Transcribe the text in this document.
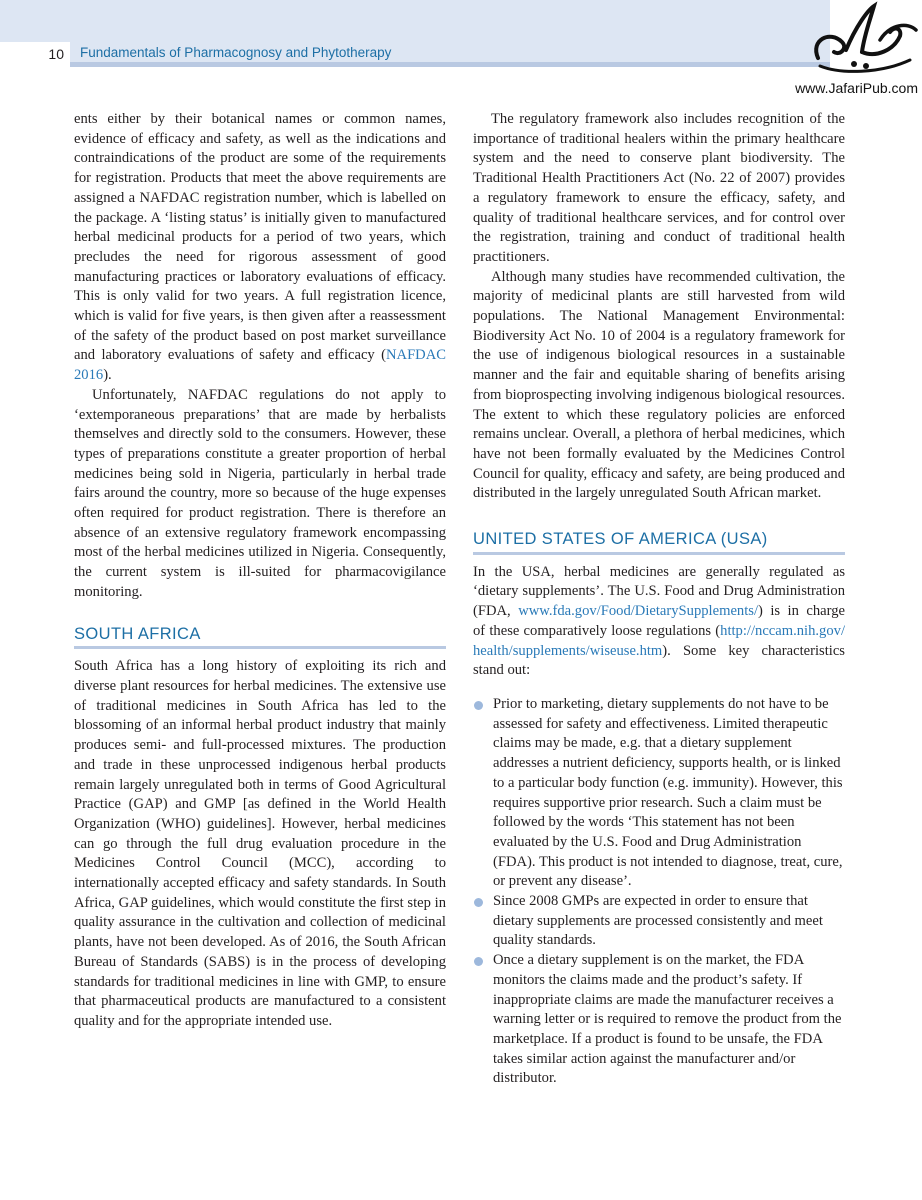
10	Fundamentals of Pharmacognosy and Phytotherapy
www.JafariPub.com

ents either by their botanical names or common names, evidence of efficacy and safety, as well as the indications and contraindications of the product are some of the requirements for registration. Products that meet the above requirements are assigned a NAFDAC registration number, which is labelled on the package. A ‘listing status’ is initially given to manufactured herbal medicinal products for a period of two years, which precludes the need for rigorous assessment of good manufacturing practices or laboratory evaluations of efficacy. This is only valid for two years. A full registration licence, which is valid for five years, is then given after a reassessment of the safety of the product based on post market surveillance and laboratory evaluations of safety and efficacy (NAFDAC 2016).

Unfortunately, NAFDAC regulations do not apply to ‘extemporaneous preparations’ that are made by herbalists themselves and directly sold to the consumers. However, these types of preparations constitute a greater proportion of herbal medicines being sold in Nigeria, particularly in herbal trade fairs around the country, more so because of the huge expenses often required for product registration. There is therefore an absence of an extensive regulatory framework encompassing most of the herbal medicines utilized in Nigeria. Consequently, the current system is ill-suited for pharmacovigilance monitoring.

SOUTH AFRICA

South Africa has a long history of exploiting its rich and diverse plant resources for herbal medicines. The extensive use of traditional medicines in South Africa has led to the blossoming of an informal herbal product industry that mainly produces semi- and full-processed mixtures. The production and trade in these unprocessed indigenous herbal products remain largely unregulated both in terms of Good Agricultural Practice (GAP) and GMP [as defined in the World Health Organization (WHO) guidelines]. However, herbal medicines can go through the full drug evaluation procedure in the Medicines Control Council (MCC), according to internationally accepted efficacy and safety standards. In South Africa, GAP guidelines, which would constitute the first step in quality assurance in the cultivation and collection of medicinal plants, have not been developed. As of 2016, the South African Bureau of Standards (SABS) is in the process of developing standards for traditional medicines in line with GMP, to ensure that pharmaceutical products are manufactured to a consistent quality and for the appropriate intended use.

The regulatory framework also includes recognition of the importance of traditional healers within the primary healthcare system and the need to conserve plant biodiversity. The Traditional Health Practitioners Act (No. 22 of 2007) provides a regulatory framework to ensure the efficacy, safety, and quality of traditional healthcare services, and for control over the registration, training and conduct of traditional health practitioners.

Although many studies have recommended cultivation, the majority of medicinal plants are still harvested from wild populations. The National Management Environmental: Biodiversity Act No. 10 of 2004 is a regulatory framework for the use of indigenous biological resources in a sustainable manner and the fair and equitable sharing of benefits arising from bioprospecting involving indigenous biological resources. The extent to which these regulatory policies are enforced remains unclear. Overall, a plethora of herbal medicines, which have not been formally evaluated by the Medicines Control Council for quality, efficacy and safety, are being produced and distributed in the largely unregulated South African market.

UNITED STATES OF AMERICA (USA)

In the USA, herbal medicines are generally regulated as ‘dietary supplements’. The U.S. Food and Drug Administration (FDA, www.fda.gov/Food/DietarySupplements/) is in charge of these comparatively loose regulations (http://nccam.nih.gov/health/supplements/wiseuse.htm). Some key characteristics stand out:

Prior to marketing, dietary supplements do not have to be assessed for safety and effectiveness. Limited therapeutic claims may be made, e.g. that a dietary supplement addresses a nutrient deficiency, supports health, or is linked to a particular body function (e.g. immunity). However, this requires supportive prior research. Such a claim must be followed by the words ‘This statement has not been evaluated by the U.S. Food and Drug Administration (FDA). This product is not intended to diagnose, treat, cure, or prevent any disease’.
Since 2008 GMPs are expected in order to ensure that dietary supplements are processed consistently and meet quality standards.
Once a dietary supplement is on the market, the FDA monitors the claims made and the product’s safety. If inappropriate claims are made the manufacturer receives a warning letter or is required to remove the product from the marketplace. If a product is found to be unsafe, the FDA takes similar action against the manufacturer and/or distributor.
